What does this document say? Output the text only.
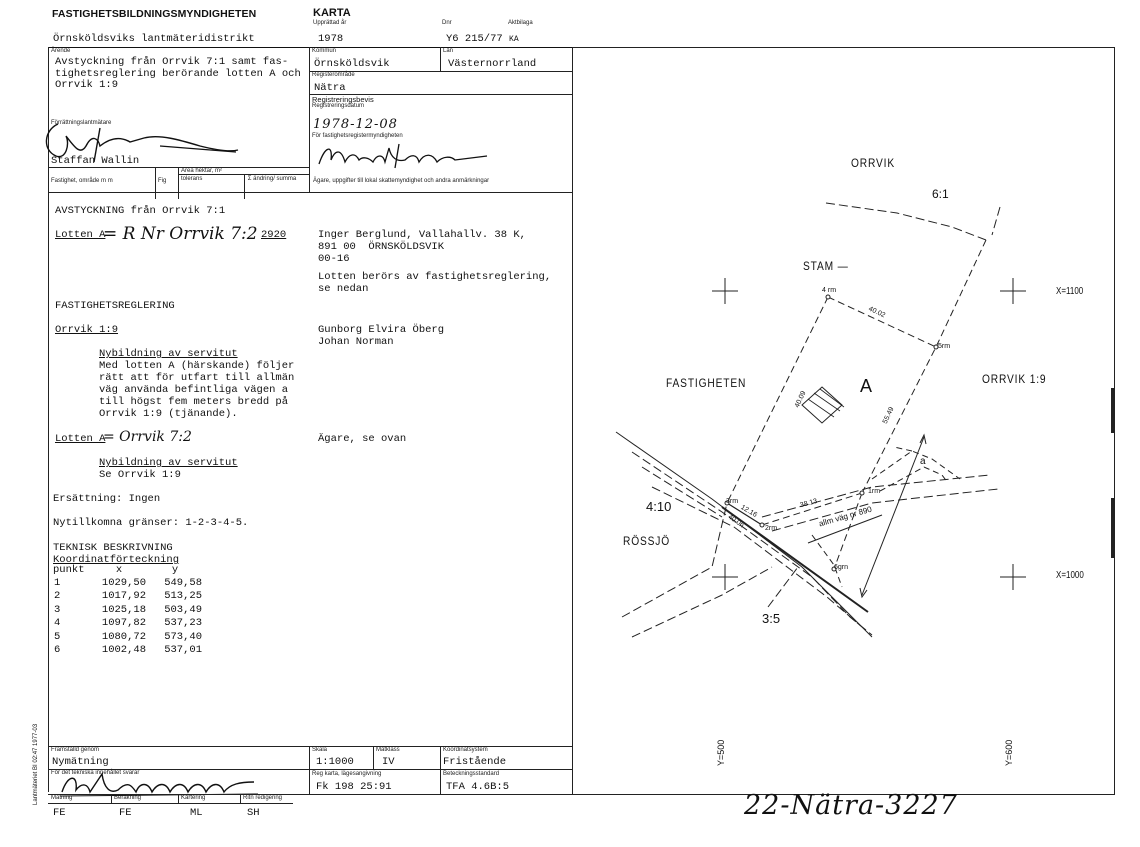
FASTIGHETSBILDNINGSMYNDIGHETEN
Örnsköldsviks lantmäteridistrikt
KARTA
Upprättad år
1978
Dnr	Aktbilaga
Y6 215/77 KA
Ärende
Avstyckning från Orrvik 7:1 samt fas-
tighetsreglering berörande lotten A och
Orrvik 1:9
Kommun
Örnsköldsvik
Län
Västernorrland
Registerområde
Nätra
Registreringsbevis
Registreringsdatum
1978-12-08
För fastighetsregistermyndigheten
Förrättningslantmätare
Staffan Wallin
Area hektar, m²
Fastighet, område m m	Fig tolerans	Σ ändring/ summa	Ägare, uppgifter till lokal skattemyndighet och andra anmärkningar
AVSTYCKNING från Orrvik 7:1
Lotten A
= R Nr Orrvik 7:2 2920	Inger Berglund, Vallahallv. 38 K,
891 00  ÖRNSKÖLDSVIK
00-16
Lotten berörs av fastighetsreglering,
se nedan
FASTIGHETSREGLERING
Orrvik 1:9	Gunborg Elvira Öberg
Johan Norman
Nybildning av servitut
Med lotten A (härskande) följer
rätt att för utfart till allmän
väg använda befintliga vägen a
till högst fem meters bredd på
Orrvik 1:9 (tjänande).
Lotten A
= Orrvik 7:2	Ägare, se ovan
Nybildning av servitut
Se Orrvik 1:9
Ersättning: Ingen
Nytillkomna gränser: 1-2-3-4-5.
TEKNISK BESKRIVNING
Koordinatförteckning
punkt	x	y
1	1029,50	549,58
2	1017,92	513,25
3	1025,18	503,49
4	1097,82	537,23
5	1080,72	573,40
6	1002,48	537,01
Lantmäteriet BI 02:47 1977-03 Framställd genom
Nymätning
För det tekniska innehållet svarar
Skala
1:1000
Mätklass
IV
Koordinatsystem
Fristående
Reg karta, lägesangivning
Fk 198 25:91
Beteckningsstandard
TFA 4.6B:5
Mätning	Beräkning	Kartering	Ritn redigering
FE	FE	ML	SH
ORRVIK
6:1
STAM —
FASTIGHETEN	ORRVIK 1:9
A
4:10
RÖSSJÖ
3:5
X=1100
X=1000
Y=500	Y=600
4 rm
5rm
3rm
2rm
1rm
6grn
40.02
40.09
55.49
12.16
38.13
40.0n	allm väg nr 890
a
22-Nätra-3227
